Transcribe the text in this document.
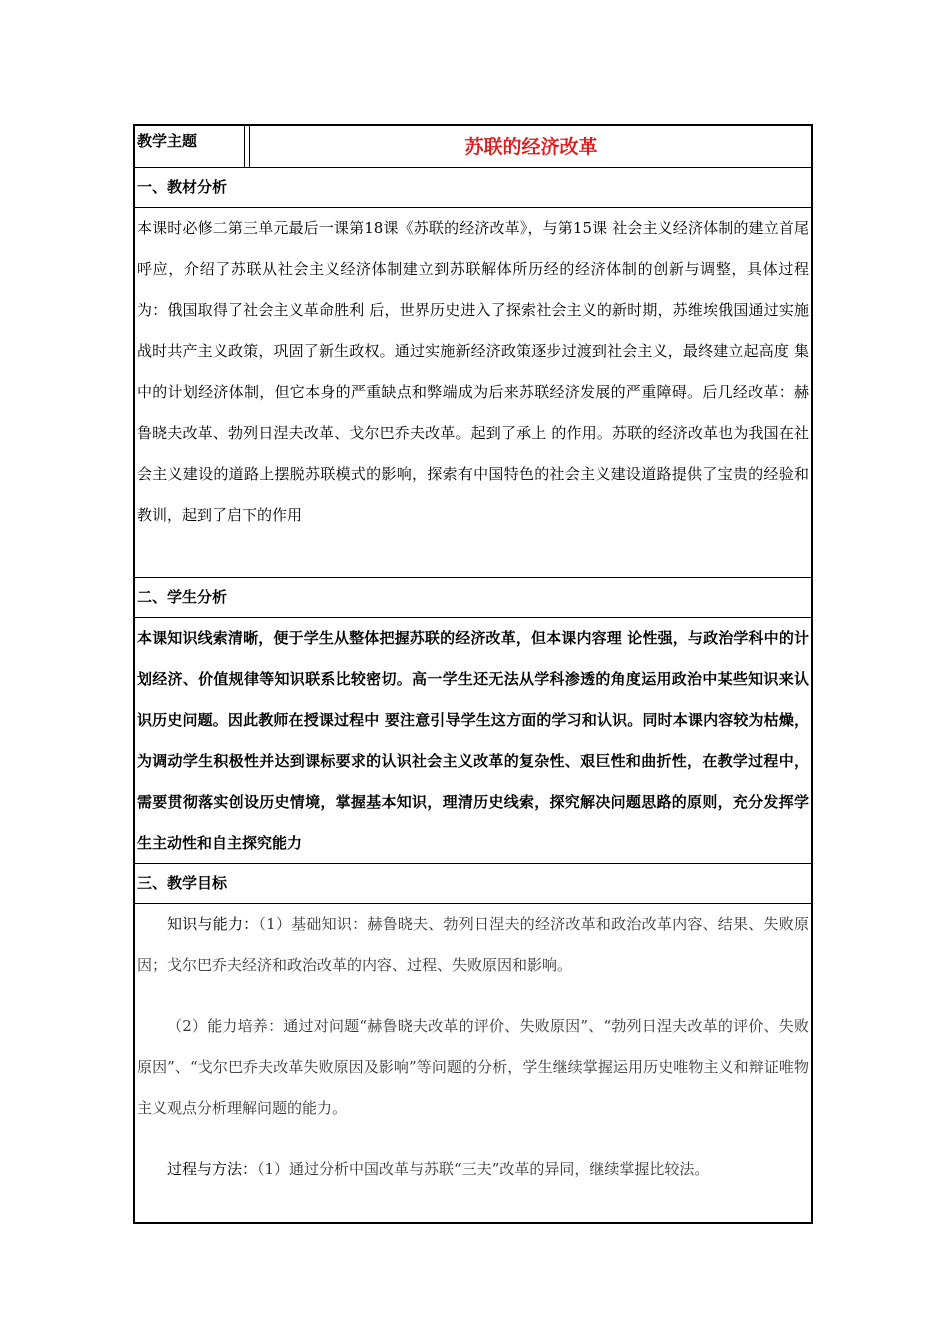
教学主题	苏联的经济改革
一、教材分析
本课时必修二第三单元最后一课第18课《苏联的经济改革》，与第15课 社会主义经济体制的建立首尾呼应，介绍了苏联从社会主义经济体制建立到苏联解体所历经的经济体制的创新与调整，具体过程为：俄国取得了社会主义革命胜利 后，世界历史进入了探索社会主义的新时期，苏维埃俄国通过实施战时共产主义政策，巩固了新生政权。通过实施新经济政策逐步过渡到社会主义，最终建立起高度 集中的计划经济体制，但它本身的严重缺点和弊端成为后来苏联经济发展的严重障碍。后几经改革：赫鲁晓夫改革、勃列日涅夫改革、戈尔巴乔夫改革。起到了承上 的作用。苏联的经济改革也为我国在社会主义建设的道路上摆脱苏联模式的影响，探索有中国特色的社会主义建设道路提供了宝贵的经验和教训，起到了启下的作用
二、学生分析
本课知识线索清晰，便于学生从整体把握苏联的经济改革，但本课内容理 论性强，与政治学科中的计划经济、价值规律等知识联系比较密切。高一学生还无法从学科渗透的角度运用政治中某些知识来认识历史问题。因此教师在授课过程中 要注意引导学生这方面的学习和认识。同时本课内容较为枯燥，为调动学生积极性并达到课标要求的认识社会主义改革的复杂性、艰巨性和曲折性，在教学过程中， 需要贯彻落实创设历史情境，掌握基本知识，理清历史线索，探究解决问题思路的原则，充分发挥学生主动性和自主探究能力
三、教学目标
知识与能力：（1）基础知识：赫鲁晓夫、勃列日涅夫的经济改革和政治改革内容、结果、失败原因；戈尔巴乔夫经济和政治改革的内容、过程、失败原因和影响。
（2）能力培养：通过对问题“赫鲁晓夫改革的评价、失败原因”、“勃列日涅夫改革的评价、失败原因”、“戈尔巴乔夫改革失败原因及影响”等问题的分析，学生继续掌握运用历史唯物主义和辩证唯物主义观点分析理解问题的能力。
过程与方法：（1）通过分析中国改革与苏联“三夫”改革的异同，继续掌握比较法。
